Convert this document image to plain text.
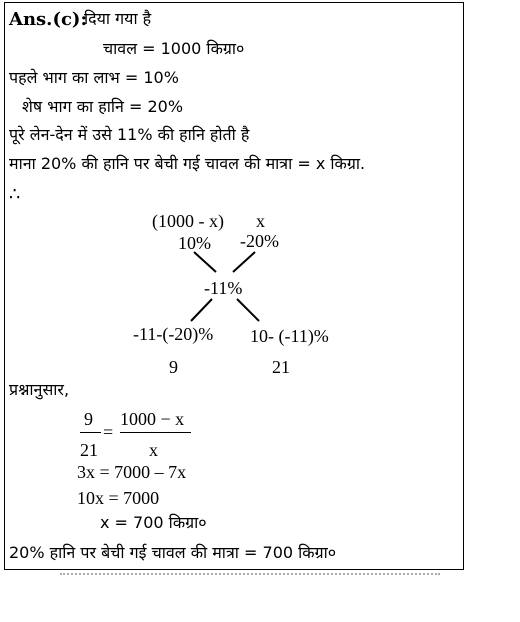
Ans.(c):
दिया गया है
चावल = 1000 किग्रा०
पहले भाग का लाभ = 10%
शेष भाग का हानि = 20%
पूरे लेन-देन में उसे 11% की हानि होती है
माना 20% की हानि पर बेची गई चावल की मात्रा = x किग्रा.
∴
(1000 - x) x
10% -20%
-11%
-11-(-20)% 10- (-11)%
9	21
प्रश्नानुसार,
9
21
=
1000 − x
x
3x = 7000 – 7x
10x = 7000
x = 700 किग्रा०
20% हानि पर बेची गई चावल की मात्रा = 700 किग्रा०
